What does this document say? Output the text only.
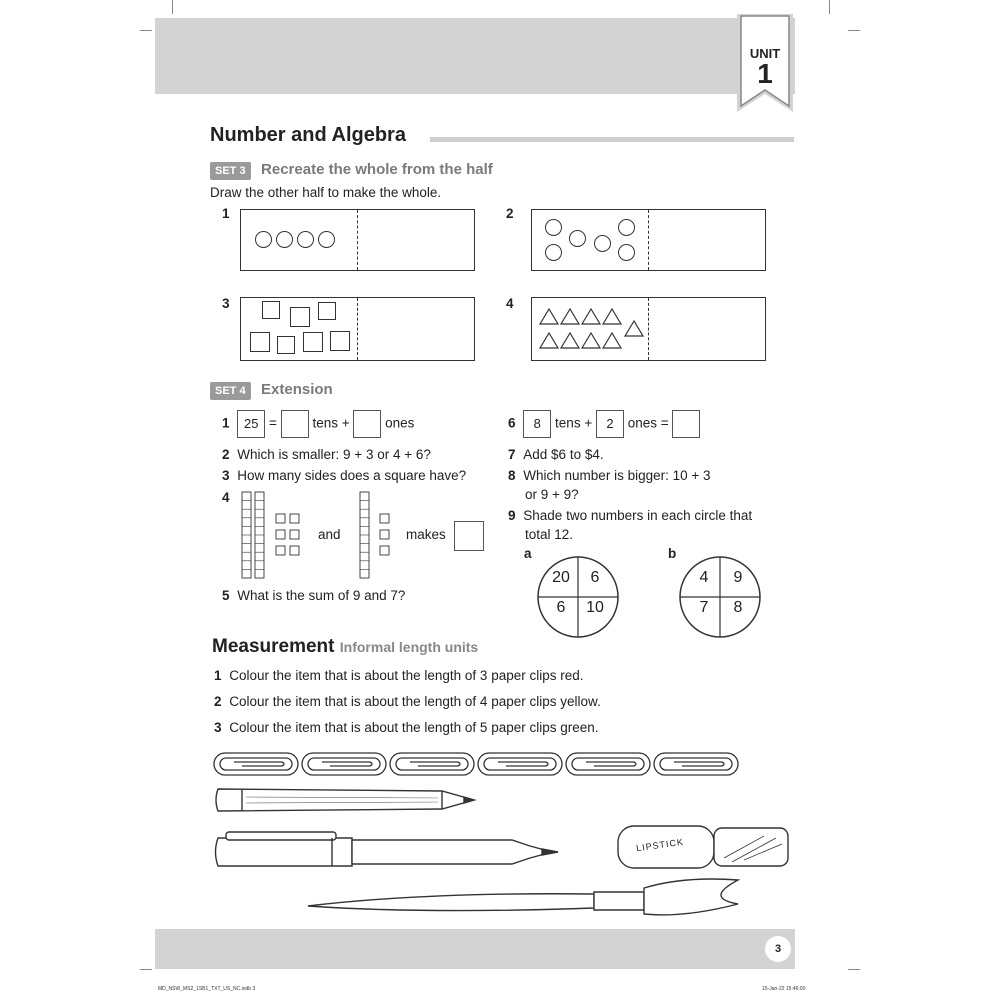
UNIT
1
Number and Algebra
SET 3 Recreate the whole from the half
Draw the other half to make the whole.
1	2
3	4
SET 4 Extension
1 25 =	tens +	ones
2 Which is smaller: 9 + 3 or 4 + 6?
3 How many sides does a square have?
4
and	makes
5 What is the sum of 9 and 7?
6 8 tens + 2 ones =
7 Add $6 to $4.
8 Which number is bigger: 10 + 3
or 9 + 9?
9 Shade two numbers in each circle that
total 12.
a
20	6
6	10
b
4	9
7	8
Measurement Informal length units
1 Colour the item that is about the length of 3 paper clips red.
2 Colour the item that is about the length of 4 paper clips yellow.
3 Colour the item that is about the length of 5 paper clips green.
LIPSTICK
3
MD_NSW_MS2_1SB1_TXT_US_NC.indb 3	15-Jan-22 15:46:00
